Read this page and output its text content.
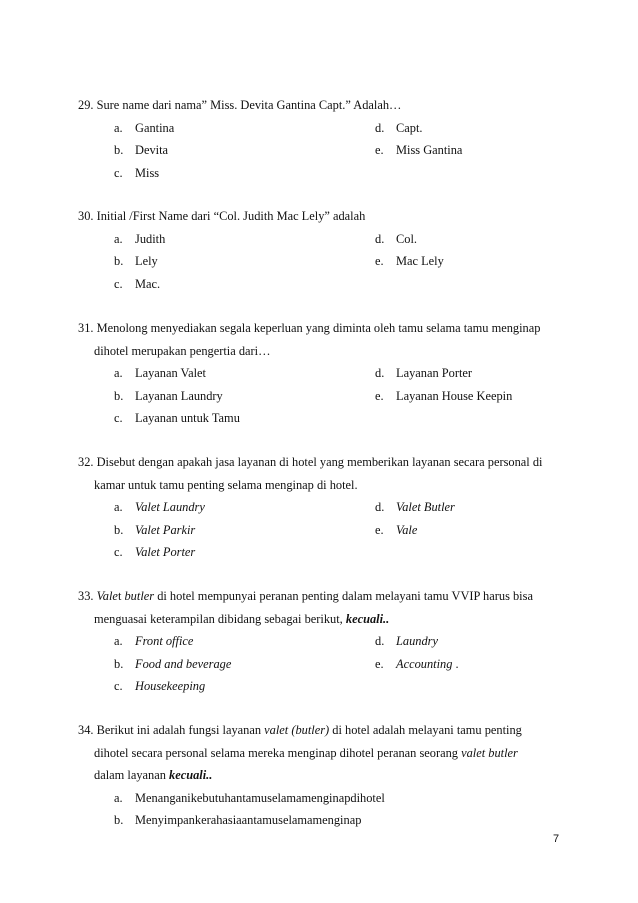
29. Sure name dari nama” Miss. Devita Gantina Capt.” Adalah…
a. Gantina	d. Capt.
b. Devita	e. Miss Gantina
c. Miss
30. Initial /First Name dari “Col. Judith Mac Lely” adalah
a. Judith	d. Col.
b. Lely	e. Mac Lely
c. Mac.
31. Menolong menyediakan segala keperluan yang diminta oleh tamu selama tamu menginap
dihotel merupakan pengertia dari…
a. Layanan Valet	d. Layanan Porter
b. Layanan Laundry	e. Layanan House Keepin
c. Layanan untuk Tamu
32. Disebut dengan apakah jasa layanan di hotel yang memberikan layanan secara personal di
kamar untuk tamu penting selama menginap di hotel.
a. Valet Laundry	d. Valet Butler
b. Valet Parkir	e. Vale
c. Valet Porter
33. Valet butler di hotel mempunyai peranan penting dalam melayani tamu VVIP harus bisa
menguasai keterampilan dibidang sebagai berikut, kecuali..
a. Front office	d. Laundry
b. Food and beverage	e. Accounting .
c. Housekeeping
34. Berikut ini adalah fungsi layanan valet (butler) di hotel adalah melayani tamu penting
dihotel secara personal selama mereka menginap dihotel peranan seorang valet butler
dalam layanan kecuali..
a. Menanganikebutuhantamuselamamenginapdihotel
b. Menyimpankerahasiaantamuselamamenginap
7
